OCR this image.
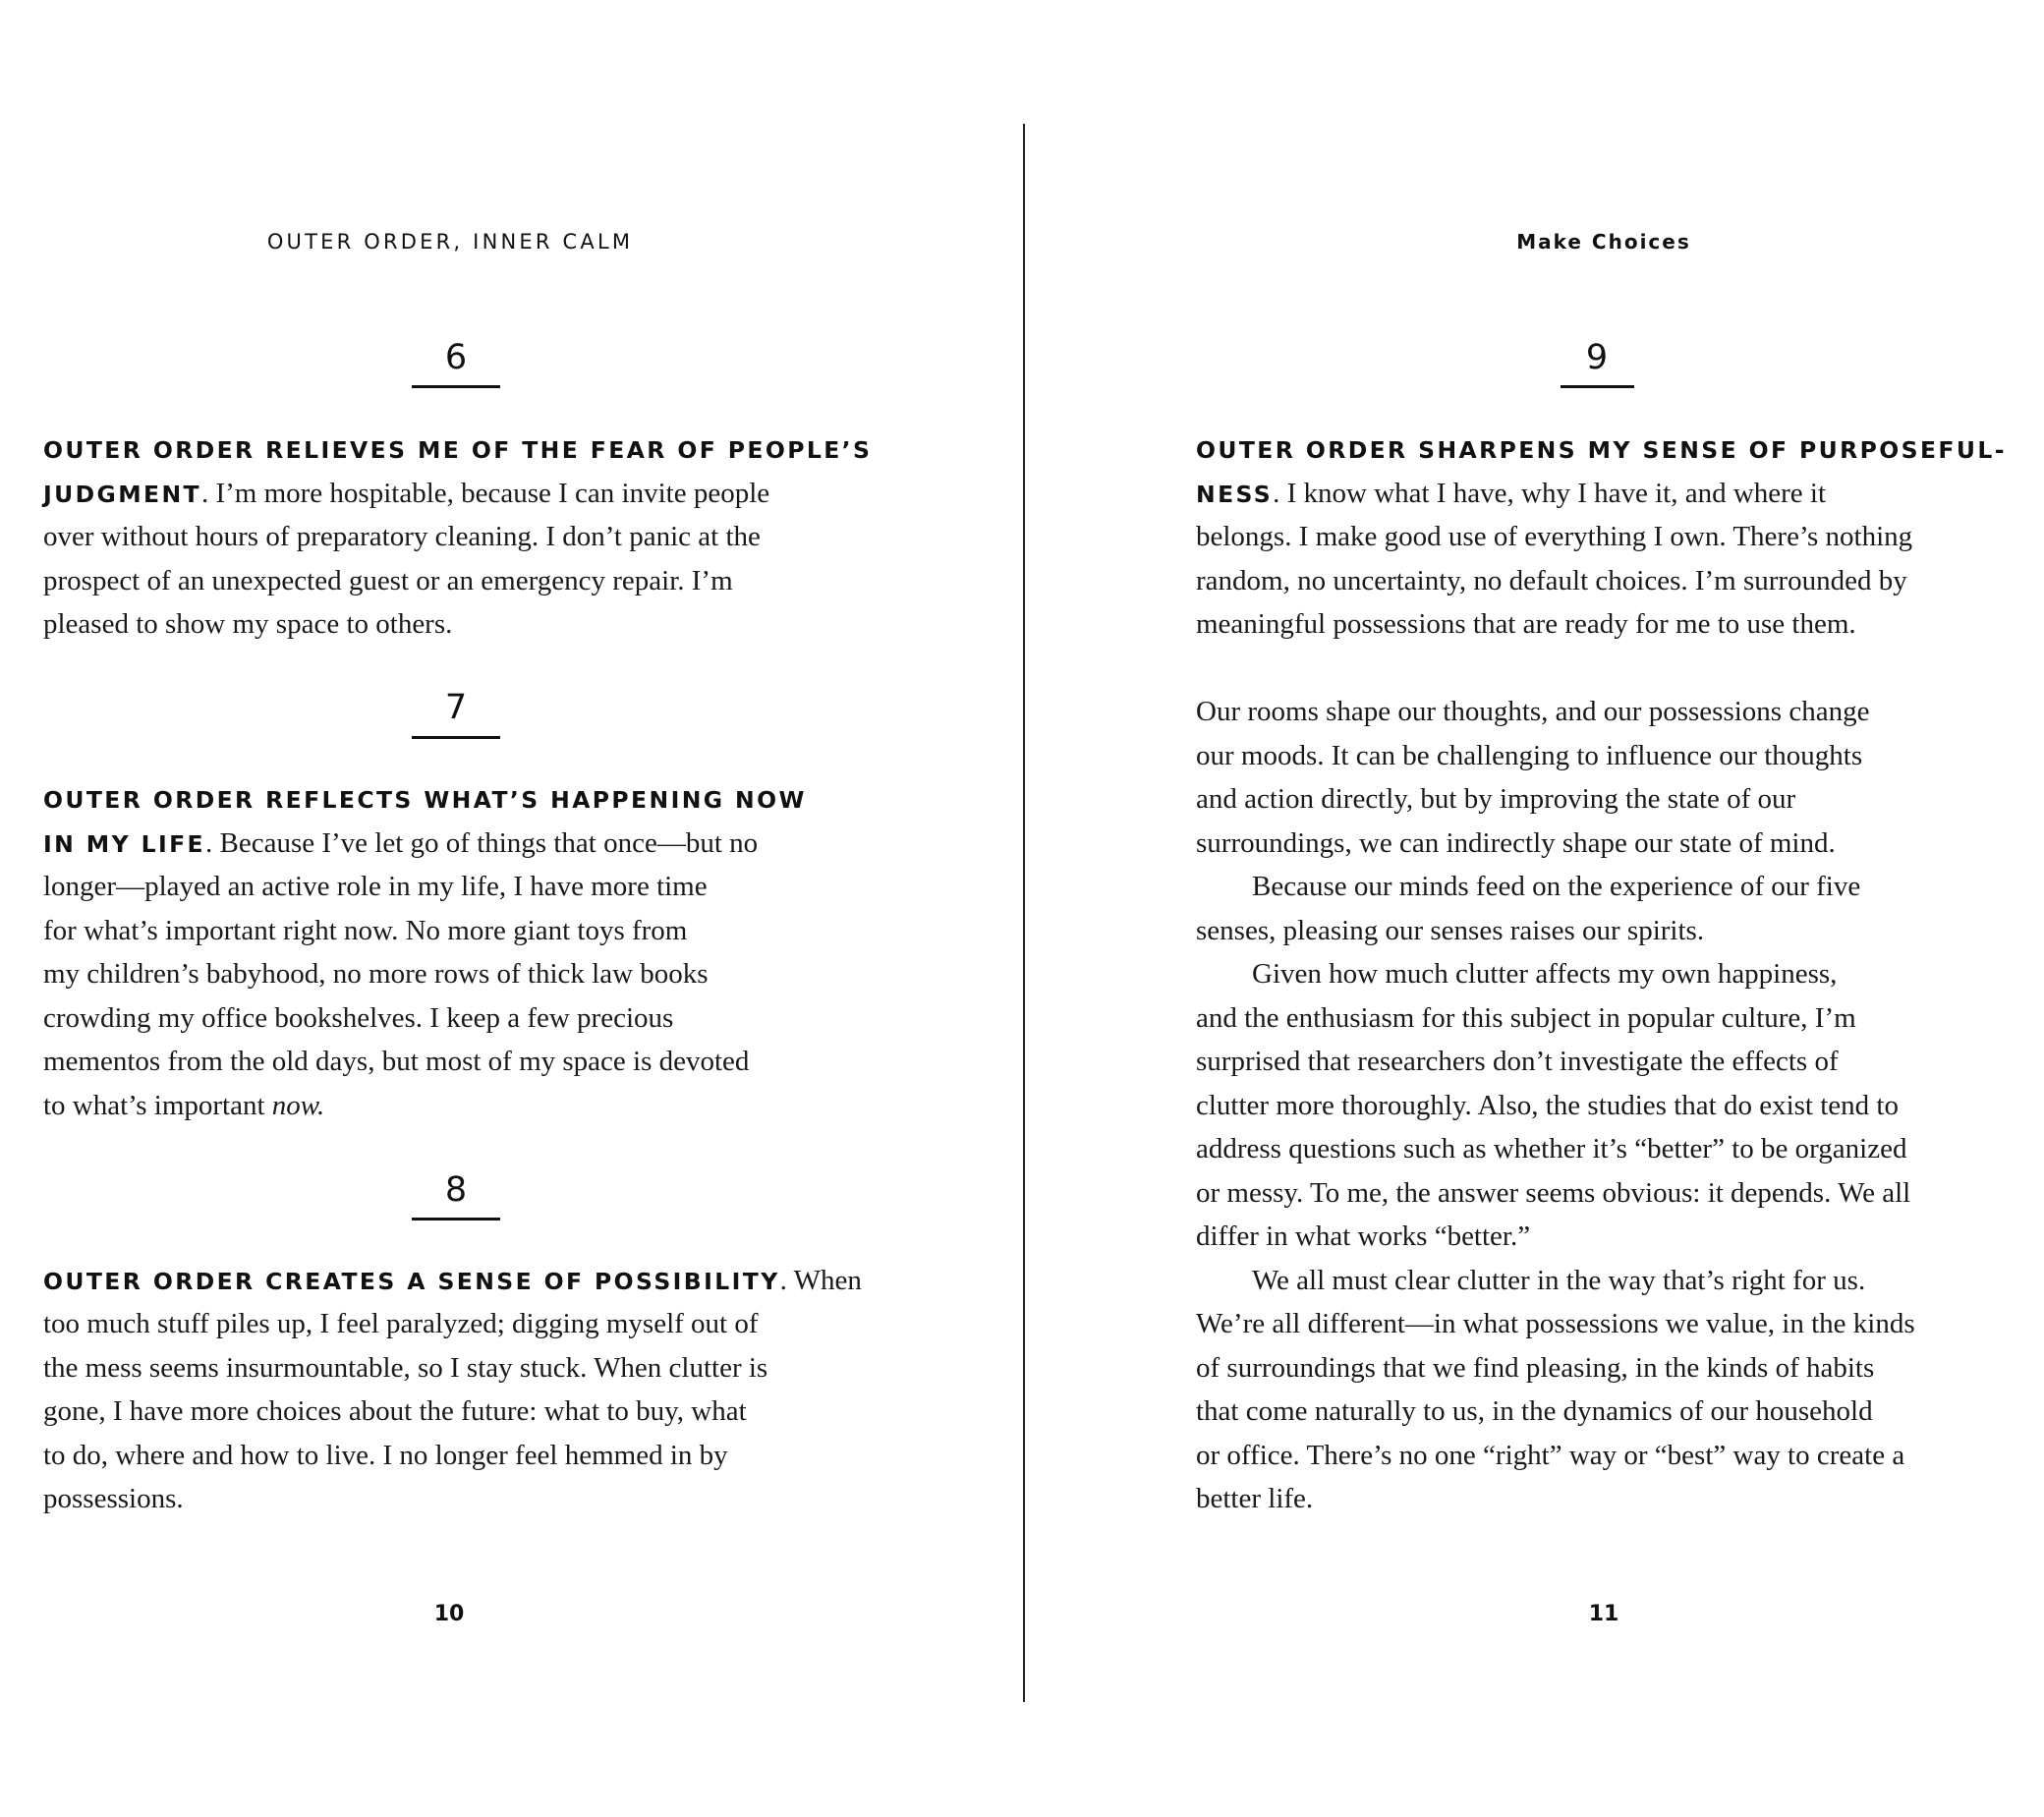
OUTER ORDER, INNER CALM
6
OUTER ORDER RELIEVES ME OF THE FEAR OF PEOPLE’S
JUDGMENT. I’m more hospitable, because I can invite people
over without hours of preparatory cleaning. I don’t panic at the
prospect of an unexpected guest or an emergency repair. I’m
pleased to show my space to others.
7
OUTER ORDER REFLECTS WHAT’S HAPPENING NOW
IN MY LIFE. Because I’ve let go of things that once—but no
longer—played an active role in my life, I have more time
for what’s important right now. No more giant toys from
my children’s babyhood, no more rows of thick law books
crowding my office bookshelves. I keep a few precious
mementos from the old days, but most of my space is devoted
to what’s important now.
8
OUTER ORDER CREATES A SENSE OF POSSIBILITY. When
too much stuff piles up, I feel paralyzed; digging myself out of
the mess seems insurmountable, so I stay stuck. When clutter is
gone, I have more choices about the future: what to buy, what
to do, where and how to live. I no longer feel hemmed in by
possessions.
10
Make Choices
9
OUTER ORDER SHARPENS MY SENSE OF PURPOSEFUL-
NESS. I know what I have, why I have it, and where it
belongs. I make good use of everything I own. There’s nothing
random, no uncertainty, no default choices. I’m surrounded by
meaningful possessions that are ready for me to use them.
Our rooms shape our thoughts, and our possessions change
our moods. It can be challenging to influence our thoughts
and action directly, but by improving the state of our
surroundings, we can indirectly shape our state of mind.
Because our minds feed on the experience of our five
senses, pleasing our senses raises our spirits.
Given how much clutter affects my own happiness,
and the enthusiasm for this subject in popular culture, I’m
surprised that researchers don’t investigate the effects of
clutter more thoroughly. Also, the studies that do exist tend to
address questions such as whether it’s “better” to be organized
or messy. To me, the answer seems obvious: it depends. We all
differ in what works “better.”
We all must clear clutter in the way that’s right for us.
We’re all different—in what possessions we value, in the kinds
of surroundings that we find pleasing, in the kinds of habits
that come naturally to us, in the dynamics of our household
or office. There’s no one “right” way or “best” way to create a
better life.
11
